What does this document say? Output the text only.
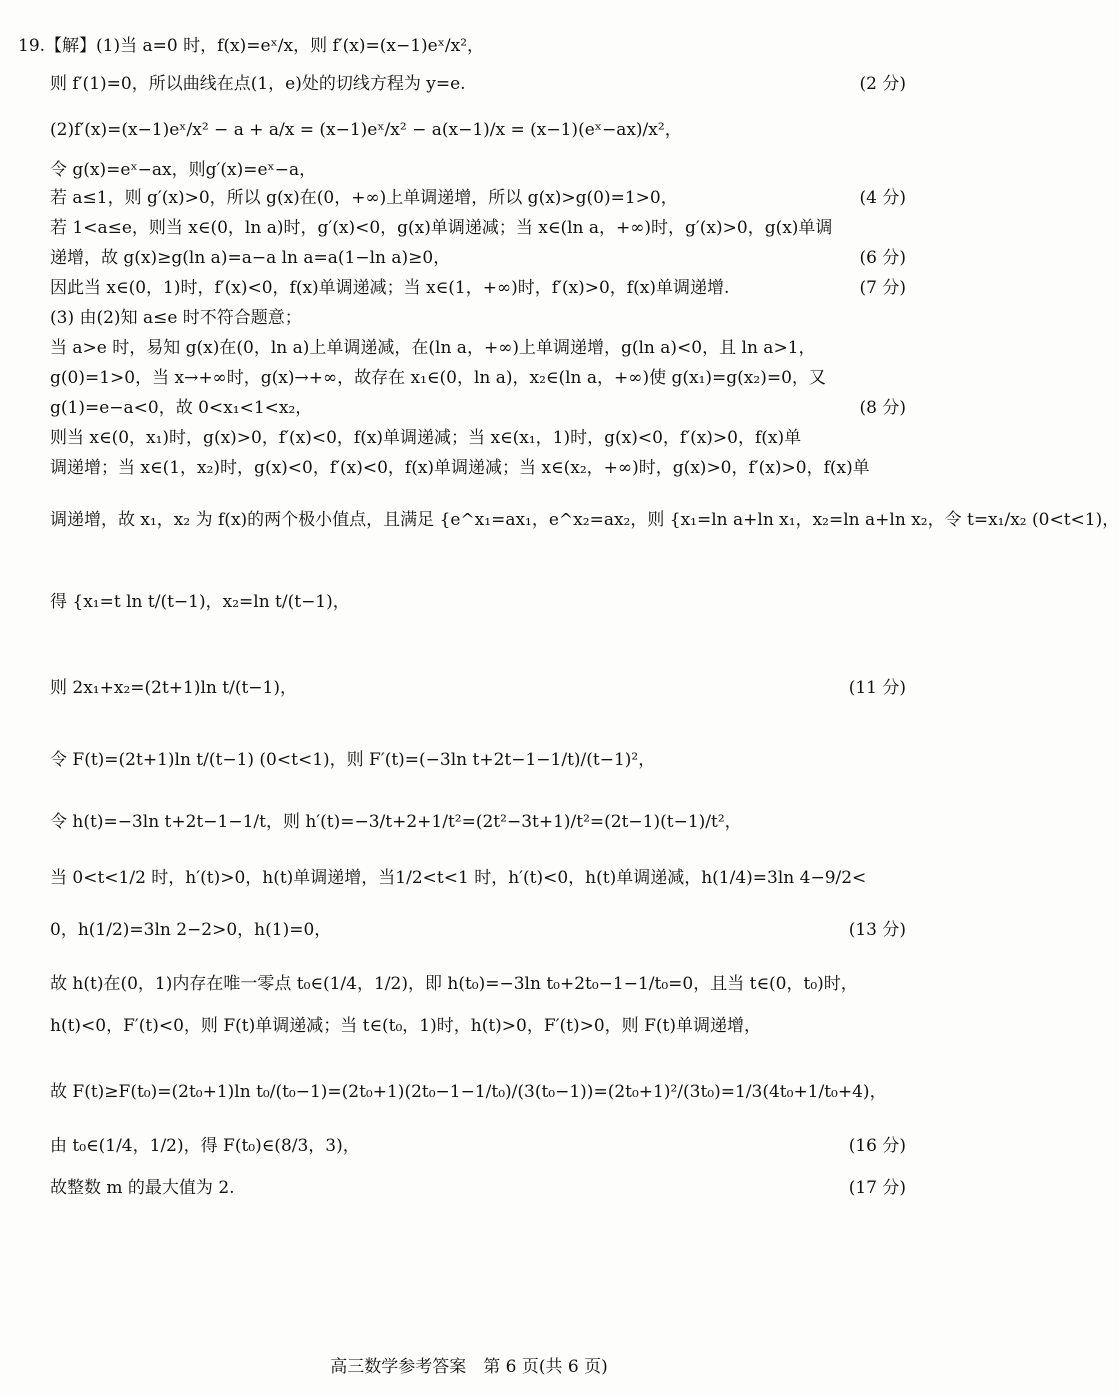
19.【解】(1)当 a=0 时，f(x)=eˣ/x，则 f′(x)=(x−1)eˣ/x²，
则 f′(1)=0，所以曲线在点(1，e)处的切线方程为 y=e.	(2 分)
(2)f′(x)=(x−1)eˣ/x² − a + a/x = (x−1)eˣ/x² − a(x−1)/x = (x−1)(eˣ−ax)/x²，
令 g(x)=eˣ−ax，则g′(x)=eˣ−a，
若 a≤1，则 g′(x)>0，所以 g(x)在(0，+∞)上单调递增，所以 g(x)>g(0)=1>0，	(4 分)
若 1<a≤e，则当 x∈(0，ln a)时，g′(x)<0，g(x)单调递减；当 x∈(ln a，+∞)时，g′(x)>0，g(x)单调
递增，故 g(x)≥g(ln a)=a−a ln a=a(1−ln a)≥0，	(6 分)
因此当 x∈(0，1)时，f′(x)<0，f(x)单调递减；当 x∈(1，+∞)时，f′(x)>0，f(x)单调递增.	(7 分)
(3) 由(2)知 a≤e 时不符合题意；
当 a>e 时，易知 g(x)在(0，ln a)上单调递减，在(ln a，+∞)上单调递增，g(ln a)<0，且 ln a>1，
g(0)=1>0，当 x→+∞时，g(x)→+∞，故存在 x₁∈(0，ln a)，x₂∈(ln a，+∞)使 g(x₁)=g(x₂)=0，又
g(1)=e−a<0，故 0<x₁<1<x₂，	(8 分)
则当 x∈(0，x₁)时，g(x)>0，f′(x)<0，f(x)单调递减；当 x∈(x₁，1)时，g(x)<0，f′(x)>0，f(x)单
调递增；当 x∈(1，x₂)时，g(x)<0，f′(x)<0，f(x)单调递减；当 x∈(x₂，+∞)时，g(x)>0，f′(x)>0，f(x)单
调递增，故 x₁，x₂ 为 f(x)的两个极小值点，且满足 {e^x₁=ax₁，e^x₂=ax₂，则 {x₁=ln a+ln x₁，x₂=ln a+ln x₂，令 t=x₁/x₂ (0<t<1)，
得 {x₁=t ln t/(t−1)，x₂=ln t/(t−1)，
则 2x₁+x₂=(2t+1)ln t/(t−1)，	(11 分)
令 F(t)=(2t+1)ln t/(t−1) (0<t<1)，则 F′(t)=(−3ln t+2t−1−1/t)/(t−1)²，
令 h(t)=−3ln t+2t−1−1/t，则 h′(t)=−3/t+2+1/t²=(2t²−3t+1)/t²=(2t−1)(t−1)/t²，
当 0<t<1/2 时，h′(t)>0，h(t)单调递增，当1/2<t<1 时，h′(t)<0，h(t)单调递减，h(1/4)=3ln 4−9/2<
0，h(1/2)=3ln 2−2>0，h(1)=0，	(13 分)
故 h(t)在(0，1)内存在唯一零点 t₀∈(1/4，1/2)，即 h(t₀)=−3ln t₀+2t₀−1−1/t₀=0，且当 t∈(0，t₀)时，
h(t)<0，F′(t)<0，则 F(t)单调递减；当 t∈(t₀，1)时，h(t)>0，F′(t)>0，则 F(t)单调递增，
故 F(t)≥F(t₀)=(2t₀+1)ln t₀/(t₀−1)=(2t₀+1)(2t₀−1−1/t₀)/(3(t₀−1))=(2t₀+1)²/(3t₀)=1/3(4t₀+1/t₀+4)，
由 t₀∈(1/4，1/2)，得 F(t₀)∈(8/3，3)，	(16 分)
故整数 m 的最大值为 2.	(17 分)
高三数学参考答案　第 6 页(共 6 页)
